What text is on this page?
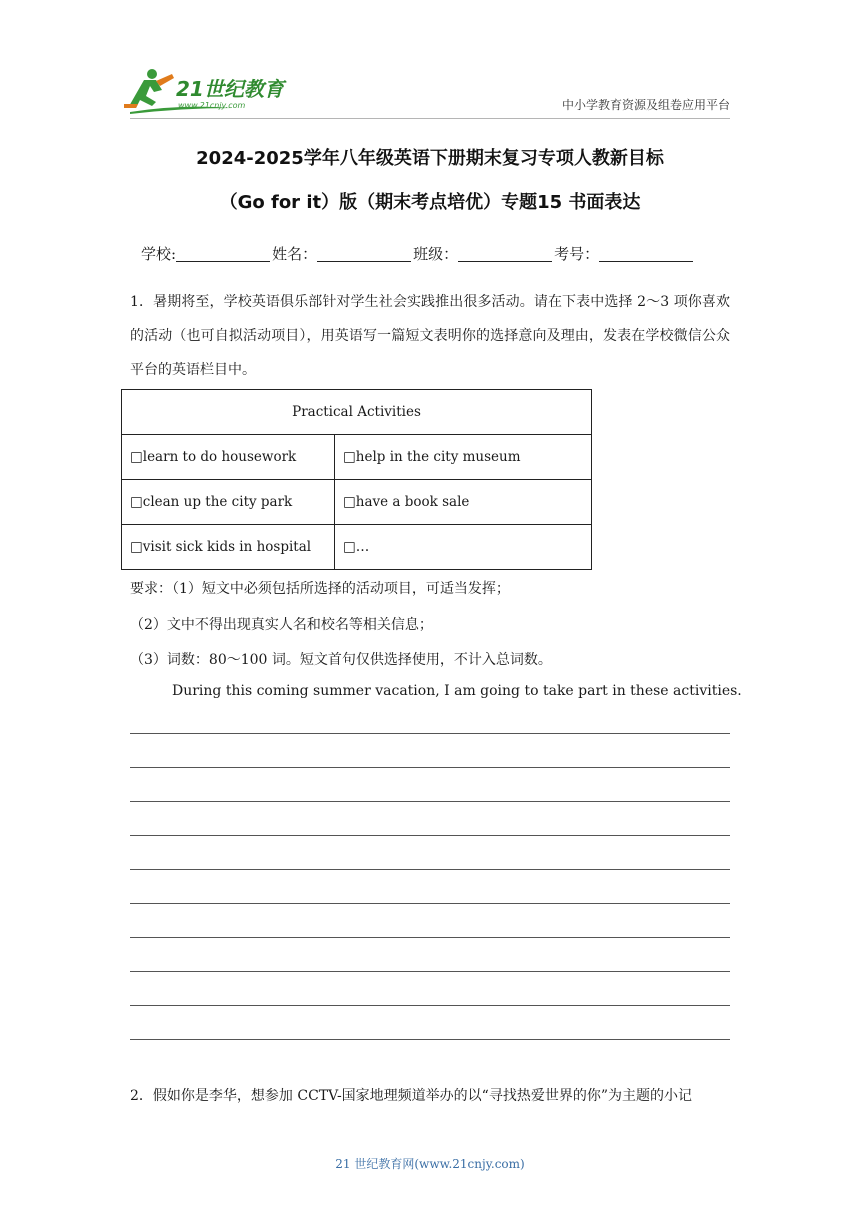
21世纪教育
www.21cnjy.com	中小学教育资源及组卷应用平台
2024-2025学年八年级英语下册期末复习专项人教新目标
（Go for it）版（期末考点培优）专题15 书面表达
学校:	姓名：	班级：	考号：
1．暑期将至，学校英语俱乐部针对学生社会实践推出很多活动。请在下表中选择 2～3 项你喜欢的活动（也可自拟活动项目），用英语写一篇短文表明你的选择意向及理由，发表在学校微信公众平台的英语栏目中。
Practical Activities	
□learn to do housework	□help in the city museum
□clean up the city park	□have a book sale
□visit sick kids in hospital	□…
要求：（1）短文中必须包括所选择的活动项目，可适当发挥；
（2）文中不得出现真实人名和校名等相关信息；
（3）词数：80～100 词。短文首句仅供选择使用，不计入总词数。
During this coming summer vacation, I am going to take part in these activities.
2．假如你是李华，想参加 CCTV-国家地理频道举办的以“寻找热爱世界的你”为主题的小记
21 世纪教育网(www.21cnjy.com)
